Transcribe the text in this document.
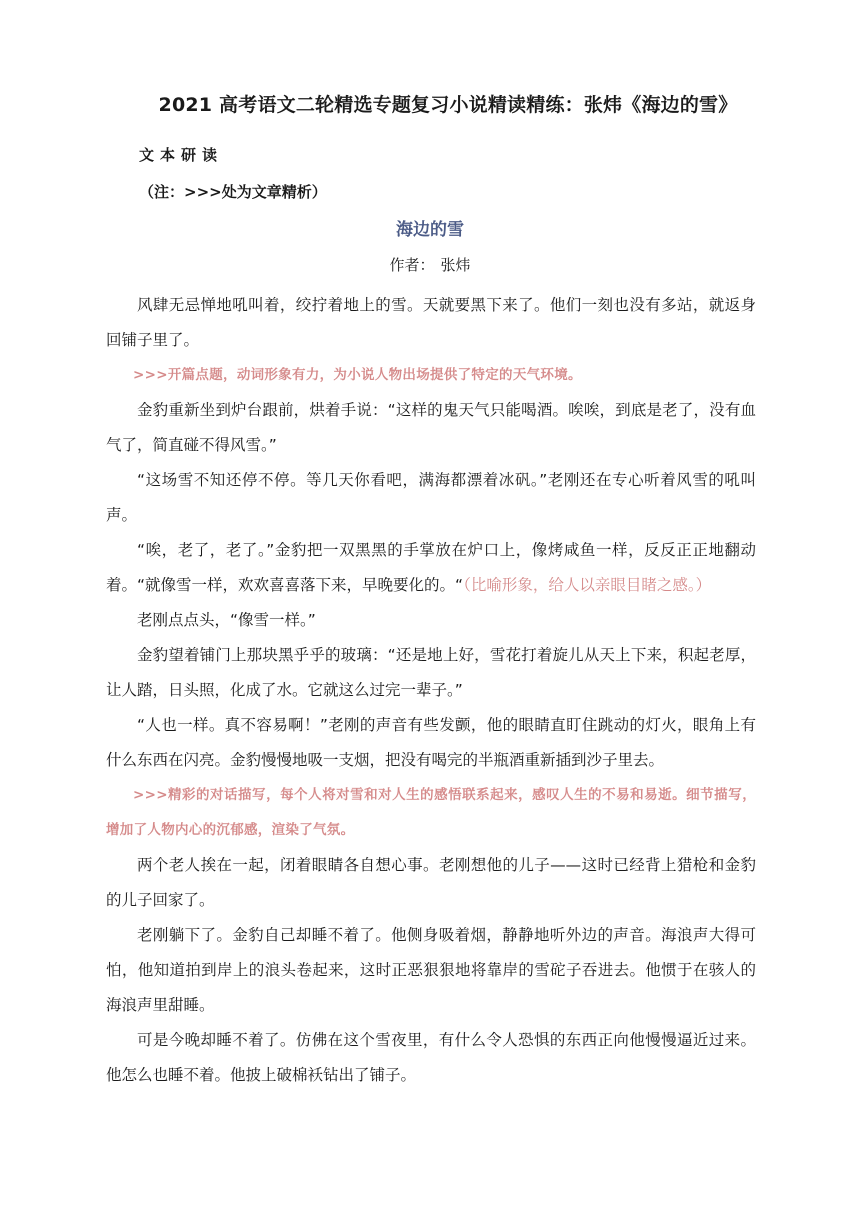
2021 高考语文二轮精选专题复习小说精读精练：张炜《海边的雪》
文本研读
（注：>>>处为文章精析）
海边的雪
作者： 张炜

风肆无忌惮地吼叫着，绞拧着地上的雪。天就要黑下来了。他们一刻也没有多站，就返身回铺子里了。

>>>开篇点题，动词形象有力，为小说人物出场提供了特定的天气环境。

金豹重新坐到炉台跟前，烘着手说：“这样的鬼天气只能喝酒。唉唉，到底是老了，没有血气了，简直碰不得风雪。”

“这场雪不知还停不停。等几天你看吧，满海都漂着冰矾。”老刚还在专心听着风雪的吼叫声。

“唉，老了，老了。”金豹把一双黑黑的手掌放在炉口上，像烤咸鱼一样，反反正正地翻动着。“就像雪一样，欢欢喜喜落下来，早晚要化的。“（比喻形象，给人以亲眼目睹之感。）

老刚点点头，“像雪一样。”

金豹望着铺门上那块黑乎乎的玻璃：“还是地上好，雪花打着旋儿从天上下来，积起老厚，让人踏，日头照，化成了水。它就这么过完一辈子。”

“人也一样。真不容易啊！”老刚的声音有些发颤，他的眼睛直盯住跳动的灯火，眼角上有什么东西在闪亮。金豹慢慢地吸一支烟，把没有喝完的半瓶酒重新插到沙子里去。

>>>精彩的对话描写，每个人将对雪和对人生的感悟联系起来，感叹人生的不易和易逝。细节描写，增加了人物内心的沉郁感，渲染了气氛。

两个老人挨在一起，闭着眼睛各自想心事。老刚想他的儿子——这时已经背上猎枪和金豹的儿子回家了。

老刚躺下了。金豹自己却睡不着了。他侧身吸着烟，静静地听外边的声音。海浪声大得可怕，他知道拍到岸上的浪头卷起来，这时正恶狠狠地将靠岸的雪砣子吞进去。他惯于在骇人的海浪声里甜睡。

可是今晚却睡不着了。仿佛在这个雪夜里，有什么令人恐惧的东西正向他慢慢逼近过来。他怎么也睡不着。他披上破棉袄钻出了铺子。
